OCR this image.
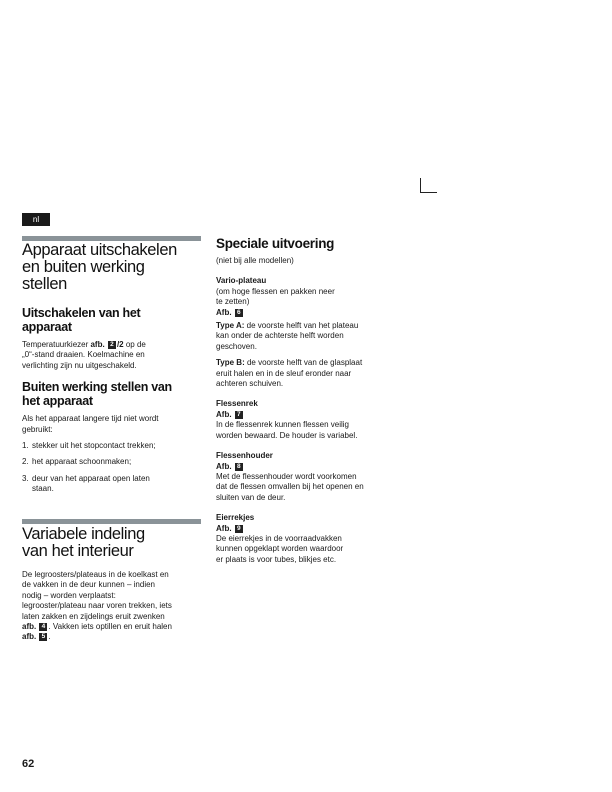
nl
Apparaat uitschakelen
en buiten werking
stellen
Uitschakelen van het
apparaat

Temperatuurkiezer afb. 2 /2 op de
„0“-stand draaien. Koelmachine en
verlichting zijn nu uitgeschakeld.

Buiten werking stellen van
het apparaat

Als het apparaat langere tijd niet wordt
gebruikt:

1. stekker uit het stopcontact trekken;
2. het apparaat schoonmaken;
3. deur van het apparaat open laten
staan.
Variabele indeling
van het interieur

De legroosters/plateaus in de koelkast en
de vakken in de deur kunnen – indien
nodig – worden verplaatst:
legrooster/plateau naar voren trekken, iets
laten zakken en zijdelings eruit zwenken
afb. 4 . Vakken iets optillen en eruit halen
afb. 5 .

Speciale uitvoering

(niet bij alle modellen)

Vario-plateau

(om hoge flessen en pakken neer
te zetten)

Afb. 6

Type A: de voorste helft van het plateau
kan onder de achterste helft worden
geschoven.

Type B: de voorste helft van de glasplaat
eruit halen en in de sleuf eronder naar
achteren schuiven.

Flessenrek

Afb. 7

In de flessenrek kunnen flessen veilig
worden bewaard. De houder is variabel.

Flessenhouder

Afb. 8

Met de flessenhouder wordt voorkomen
dat de flessen omvallen bij het openen en
sluiten van de deur.

Eierrekjes

Afb. 9

De eierrekjes in de voorraadvakken
kunnen opgeklapt worden waardoor
er plaats is voor tubes, blikjes etc.

62
